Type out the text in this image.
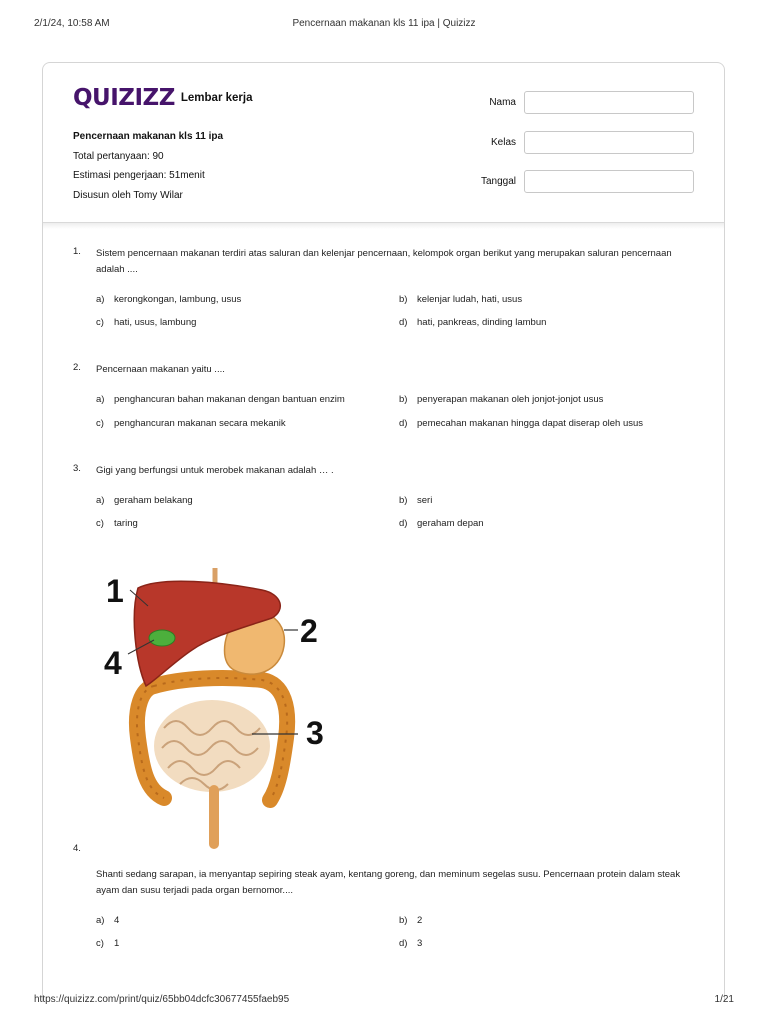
2/1/24, 10:58 AM	Pencernaan makanan kls 11 ipa | Quizizz
QUIZIZZ Lembar kerja
Pencernaan makanan kls 11 ipa
Total pertanyaan: 90
Estimasi pengerjaan: 51menit
Disusun oleh Tomy Wilar
Nama
Kelas
Tanggal
1. Sistem pencernaan makanan terdiri atas saluran dan kelenjar pencernaan, kelompok organ berikut yang merupakan saluran pencernaan adalah ....
a) kerongkongan, lambung, usus	b) kelenjar ludah, hati, usus
c) hati, usus, lambung	d) hati, pankreas, dinding lambun
2. Pencernaan makanan yaitu ....
a) penghancuran bahan makanan dengan bantuan enzim	b) penyerapan makanan oleh jonjot-jonjot usus
c) penghancuran makanan secara mekanik	d) pemecahan makanan hingga dapat diserap oleh usus
3. Gigi yang berfungsi untuk merobek makanan adalah … .
a) geraham belakang	b) seri
c) taring	d) geraham depan
4.
Shanti sedang sarapan, ia menyantap sepiring steak ayam, kentang goreng, dan meminum segelas susu. Pencernaan protein dalam steak ayam dan susu terjadi pada organ bernomor....
a) 4	b) 2
c) 1	d) 3
1
2
3
4
https://quizizz.com/print/quiz/65bb04dcfc30677455faeb95	1/21
